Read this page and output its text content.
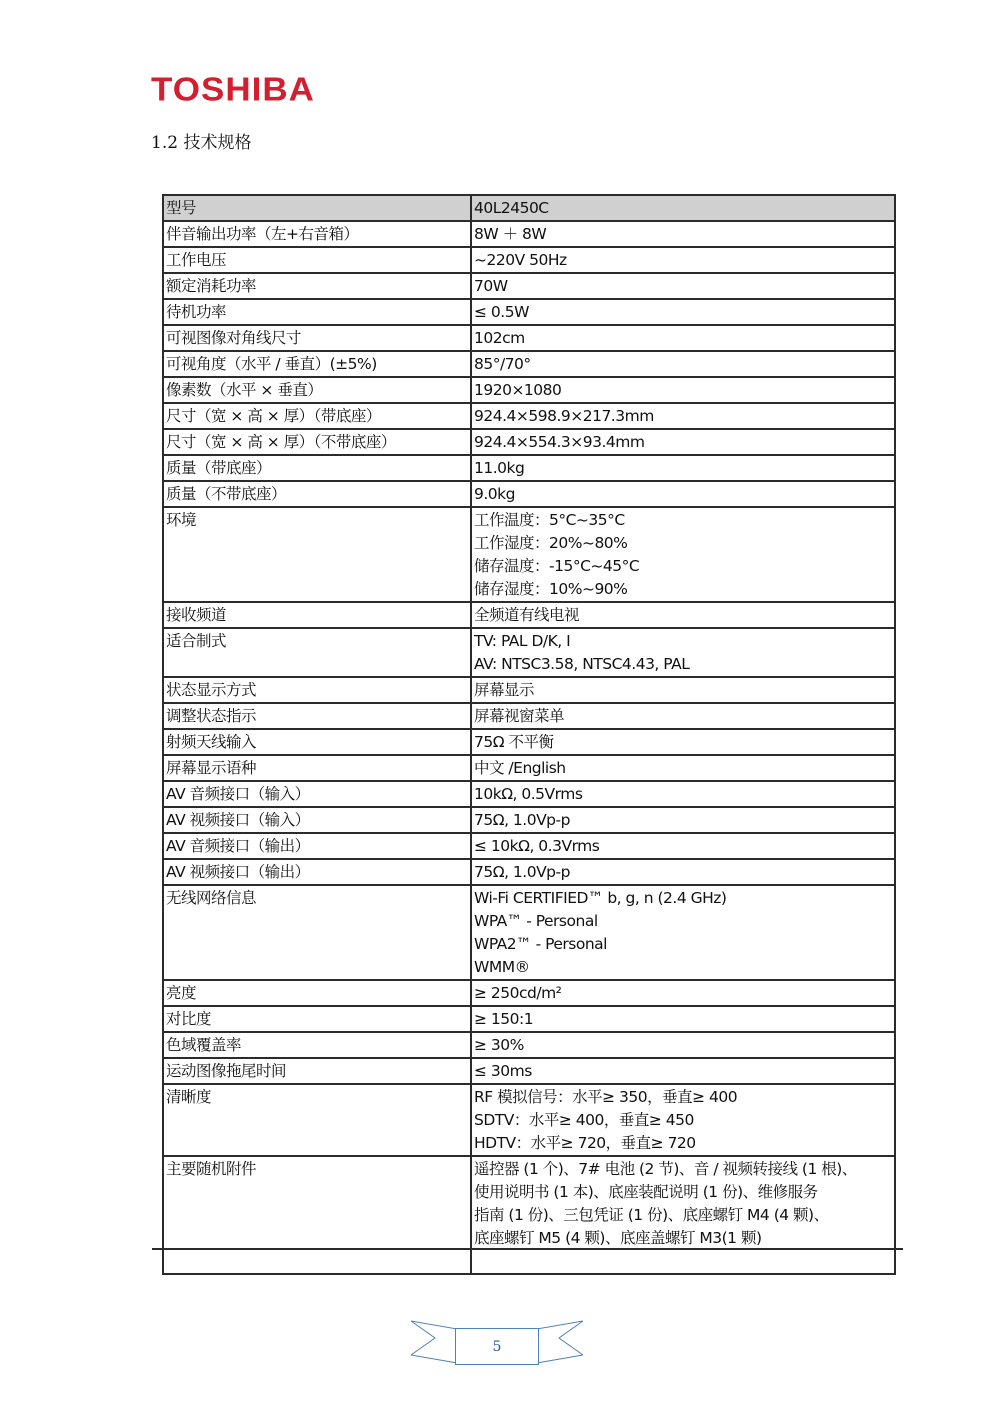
TOSHIBA
1.2 技术规格
型号	40L2450C

伴音输出功率（左+右音箱）	8W ＋ 8W

工作电压	~220V 50Hz

额定消耗功率	70W

待机功率	≤ 0.5W

可视图像对角线尺寸	102cm

可视角度（水平 / 垂直）(±5%)	85°/70°

像素数（水平 × 垂直）	1920×1080

尺寸（宽 × 高 × 厚）（带底座）	924.4×598.9×217.3mm

尺寸（宽 × 高 × 厚）（不带底座）	924.4×554.3×93.4mm

质量（带底座）	11.0kg

质量（不带底座）	9.0kg

环境	工作温度：5°C~35°C
工作湿度：20%~80%
储存温度：-15°C~45°C
储存湿度：10%~90%

接收频道	全频道有线电视

适合制式	TV: PAL D/K, I
AV: NTSC3.58, NTSC4.43, PAL

状态显示方式	屏幕显示

调整状态指示	屏幕视窗菜单

射频天线输入	75Ω 不平衡

屏幕显示语种	中文 /English

AV 音频接口（输入）	10kΩ, 0.5Vrms

AV 视频接口（输入）	75Ω, 1.0Vp-p

AV 音频接口（输出）	≤ 10kΩ, 0.3Vrms

AV 视频接口（输出）	75Ω, 1.0Vp-p

无线网络信息	Wi-Fi CERTIFIED™ b, g, n (2.4 GHz)
WPA™ - Personal
WPA2™ - Personal
WMM®

亮度	≥ 250cd/m²

对比度	≥ 150:1

色域覆盖率	≥ 30%

运动图像拖尾时间	≤ 30ms

清晰度	RF 模拟信号：水平≥ 350，垂直≥ 400
SDTV：水平≥ 400，垂直≥ 450
HDTV：水平≥ 720，垂直≥ 720

主要随机附件	遥控器 (1 个)、7# 电池 (2 节)、音 / 视频转接线 (1 根)、
使用说明书 (1 本)、底座装配说明 (1 份)、维修服务
指南 (1 份)、三包凭证 (1 份)、底座螺钉 M4 (4 颗)、
底座螺钉 M5 (4 颗)、底座盖螺钉 M3(1 颗)
5
